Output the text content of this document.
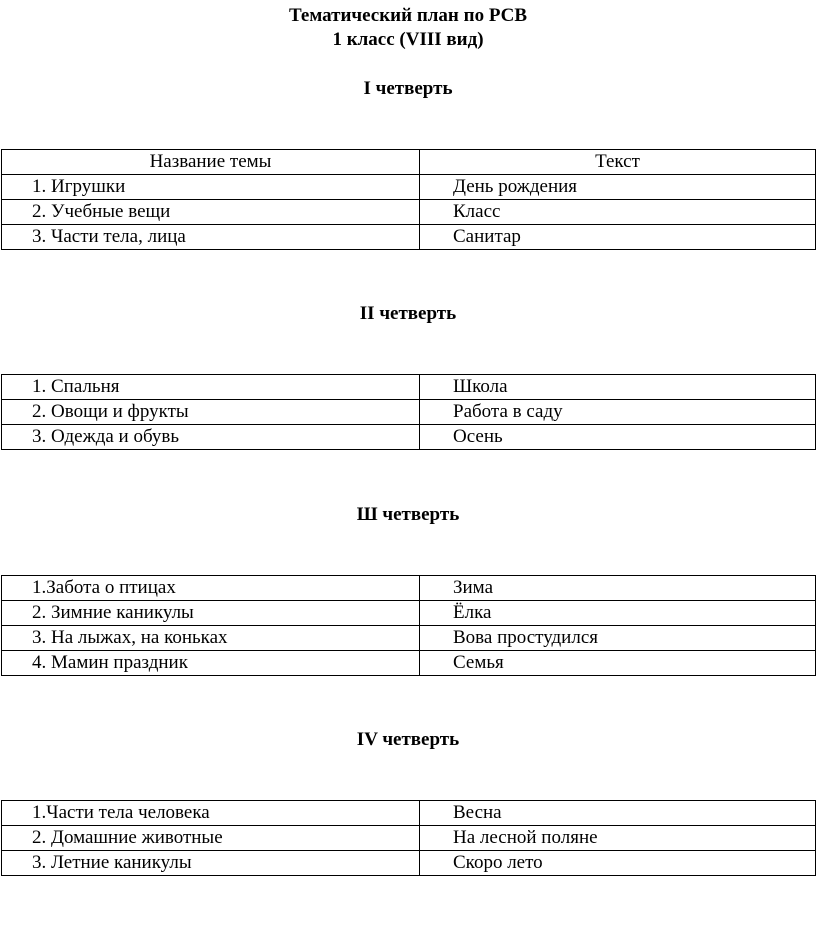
Тематический план по РСВ
1 класс (VIII вид)
I четверть
Название темы	Текст
1. Игрушки	День рождения
2. Учебные вещи	Класс
3. Части тела, лица	Санитар
II четверть
1. Спальня	Школа
2. Овощи и фрукты	Работа в саду
3. Одежда и обувь	Осень
Ш четверть
1.Забота о птицах	Зима
2. Зимние каникулы	Ёлка
3. На лыжах, на коньках	Вова простудился
4. Мамин праздник	Семья
IV четверть
1.Части тела человека	Весна
2. Домашние животные	На лесной поляне
3. Летние каникулы	Скоро лето
